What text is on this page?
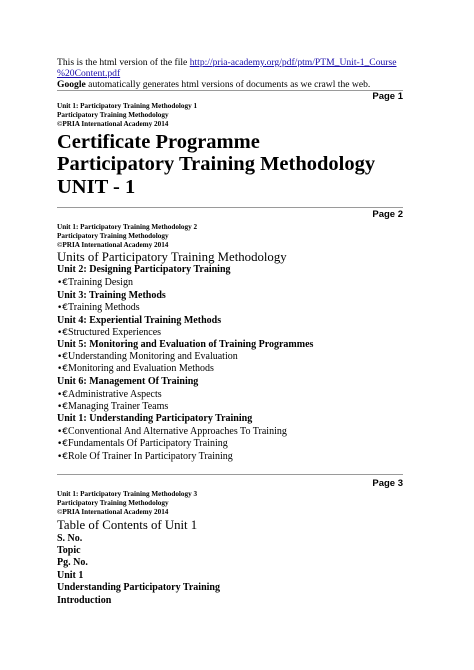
This is the html version of the file http://pria-academy.org/pdf/ptm/PTM_Unit-1_Course
%20Content.pdf
Google automatically generates html versions of documents as we crawl the web.
Page 1
Unit 1: Participatory Training Methodology 1
Participatory Training Methodology
©PRIA International Academy 2014
Certificate Programme
Participatory Training Methodology
UNIT - 1
Page 2
Unit 1: Participatory Training Methodology 2
Participatory Training Methodology
©PRIA International Academy 2014
Units of Participatory Training Methodology
Unit 2: Designing Participatory Training
•€Training Design
Unit 3: Training Methods
•€Training Methods
Unit 4: Experiential Training Methods
•€Structured Experiences
Unit 5: Monitoring and Evaluation of Training Programmes
•€Understanding Monitoring and Evaluation
•€Monitoring and Evaluation Methods
Unit 6: Management Of Training
•€Administrative Aspects
•€Managing Trainer Teams
Unit 1: Understanding Participatory Training
•€Conventional And Alternative Approaches To Training
•€Fundamentals Of Participatory Training
•€Role Of Trainer In Participatory Training
Page 3
Unit 1: Participatory Training Methodology 3
Participatory Training Methodology
©PRIA International Academy 2014
Table of Contents of Unit 1
S. No.
Topic
Pg. No.
Unit 1
Understanding Participatory Training
Introduction
